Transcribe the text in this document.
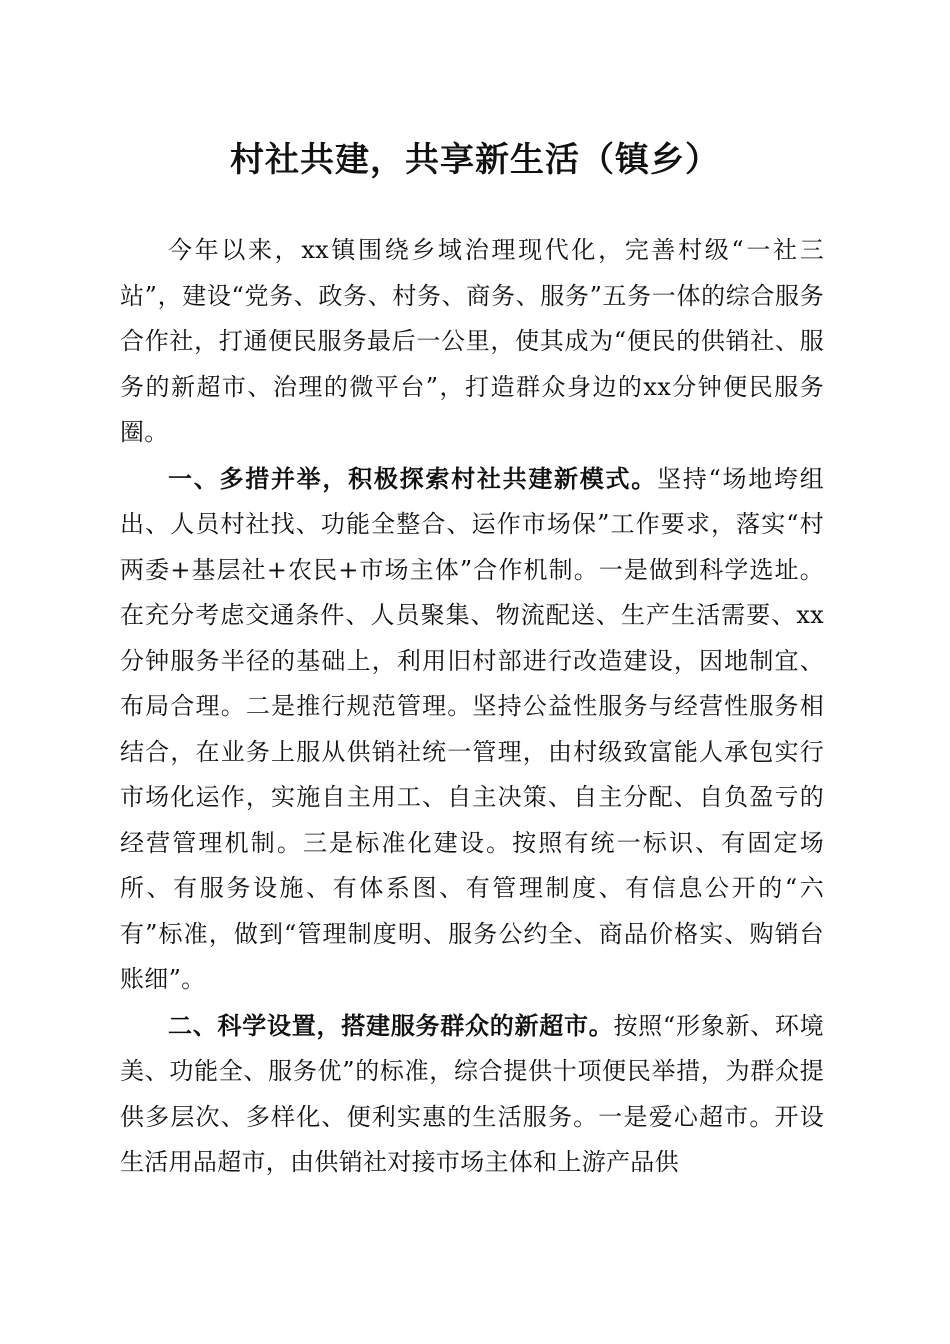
村社共建，共享新生活（镇乡）

今年以来，xx镇围绕乡域治理现代化，完善村级“一社三站”，建设“党务、政务、村务、商务、服务”五务一体的综合服务合作社，打通便民服务最后一公里，使其成为“便民的供销社、服务的新超市、治理的微平台”，打造群众身边的xx分钟便民服务圈。

一、多措并举，积极探索村社共建新模式。坚持“场地垮组出、人员村社找、功能全整合、运作市场保”工作要求，落实“村两委+基层社+农民+市场主体”合作机制。一是做到科学选址。在充分考虑交通条件、人员聚集、物流配送、生产生活需要、xx分钟服务半径的基础上，利用旧村部进行改造建设，因地制宜、布局合理。二是推行规范管理。坚持公益性服务与经营性服务相结合，在业务上服从供销社统一管理，由村级致富能人承包实行市场化运作，实施自主用工、自主决策、自主分配、自负盈亏的经营管理机制。三是标准化建设。按照有统一标识、有固定场所、有服务设施、有体系图、有管理制度、有信息公开的“六有”标准，做到“管理制度明、服务公约全、商品价格实、购销台账细”。

二、科学设置，搭建服务群众的新超市。按照“形象新、环境美、功能全、服务优”的标准，综合提供十项便民举措，为群众提供多层次、多样化、便利实惠的生活服务。一是爱心超市。开设生活用品超市，由供销社对接市场主体和上游产品供
